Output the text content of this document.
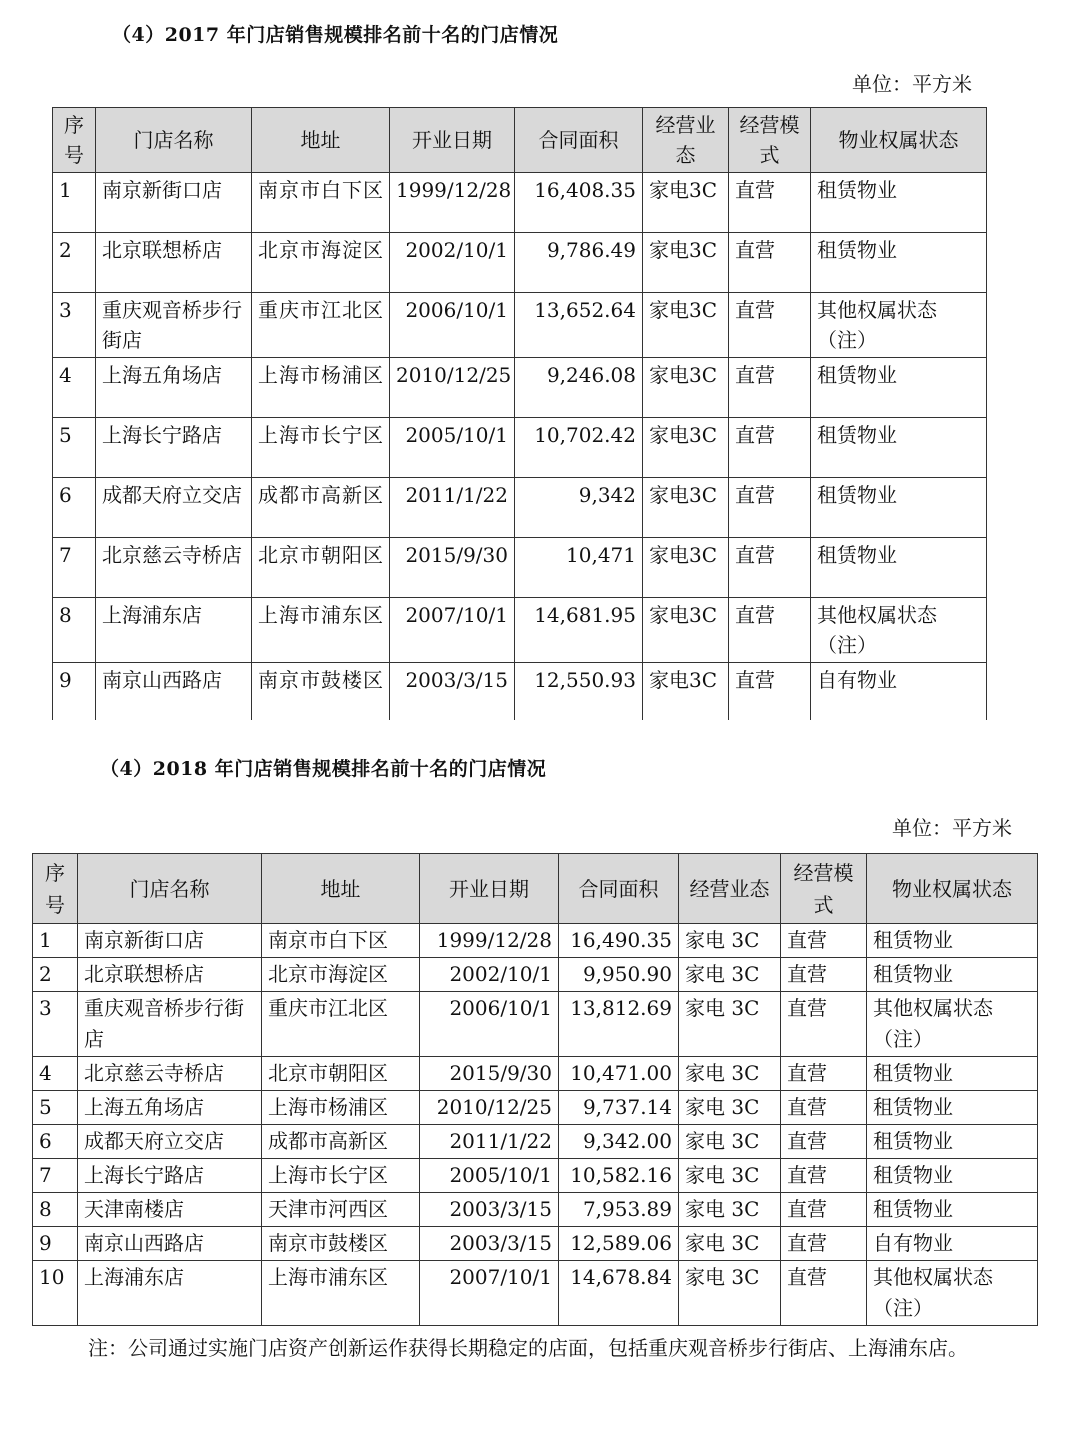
（4）2017 年门店销售规模排名前十名的门店情况
单位：平方米
序号	门店名称	地址	开业日期	合同面积	经营业态	经营模式	物业权属状态
1	南京新街口店	南京市白下区	1999/12/28	16,408.35	家电3C	直营	租赁物业
2	北京联想桥店	北京市海淀区	2002/10/1	9,786.49	家电3C	直营	租赁物业
3	重庆观音桥步行街店	重庆市江北区	2006/10/1	13,652.64	家电3C	直营	其他权属状态（注）
4	上海五角场店	上海市杨浦区	2010/12/25	9,246.08	家电3C	直营	租赁物业
5	上海长宁路店	上海市长宁区	2005/10/1	10,702.42	家电3C	直营	租赁物业
6	成都天府立交店	成都市高新区	2011/1/22	9,342	家电3C	直营	租赁物业
7	北京慈云寺桥店	北京市朝阳区	2015/9/30	10,471	家电3C	直营	租赁物业
8	上海浦东店	上海市浦东区	2007/10/1	14,681.95	家电3C	直营	其他权属状态（注）
9	南京山西路店	南京市鼓楼区	2003/3/15	12,550.93	家电3C	直营	自有物业
（4）2018 年门店销售规模排名前十名的门店情况
单位：平方米
序号	门店名称	地址	开业日期	合同面积	经营业态	经营模式	物业权属状态
1	南京新街口店	南京市白下区	1999/12/28	16,490.35	家电 3C	直营	租赁物业
2	北京联想桥店	北京市海淀区	2002/10/1	9,950.90	家电 3C	直营	租赁物业
3	重庆观音桥步行街店	重庆市江北区	2006/10/1	13,812.69	家电 3C	直营	其他权属状态（注）
4	北京慈云寺桥店	北京市朝阳区	2015/9/30	10,471.00	家电 3C	直营	租赁物业
5	上海五角场店	上海市杨浦区	2010/12/25	9,737.14	家电 3C	直营	租赁物业
6	成都天府立交店	成都市高新区	2011/1/22	9,342.00	家电 3C	直营	租赁物业
7	上海长宁路店	上海市长宁区	2005/10/1	10,582.16	家电 3C	直营	租赁物业
8	天津南楼店	天津市河西区	2003/3/15	7,953.89	家电 3C	直营	租赁物业
9	南京山西路店	南京市鼓楼区	2003/3/15	12,589.06	家电 3C	直营	自有物业
10	上海浦东店	上海市浦东区	2007/10/1	14,678.84	家电 3C	直营	其他权属状态（注）
注：公司通过实施门店资产创新运作获得长期稳定的店面，包括重庆观音桥步行街店、上海浦东店。
